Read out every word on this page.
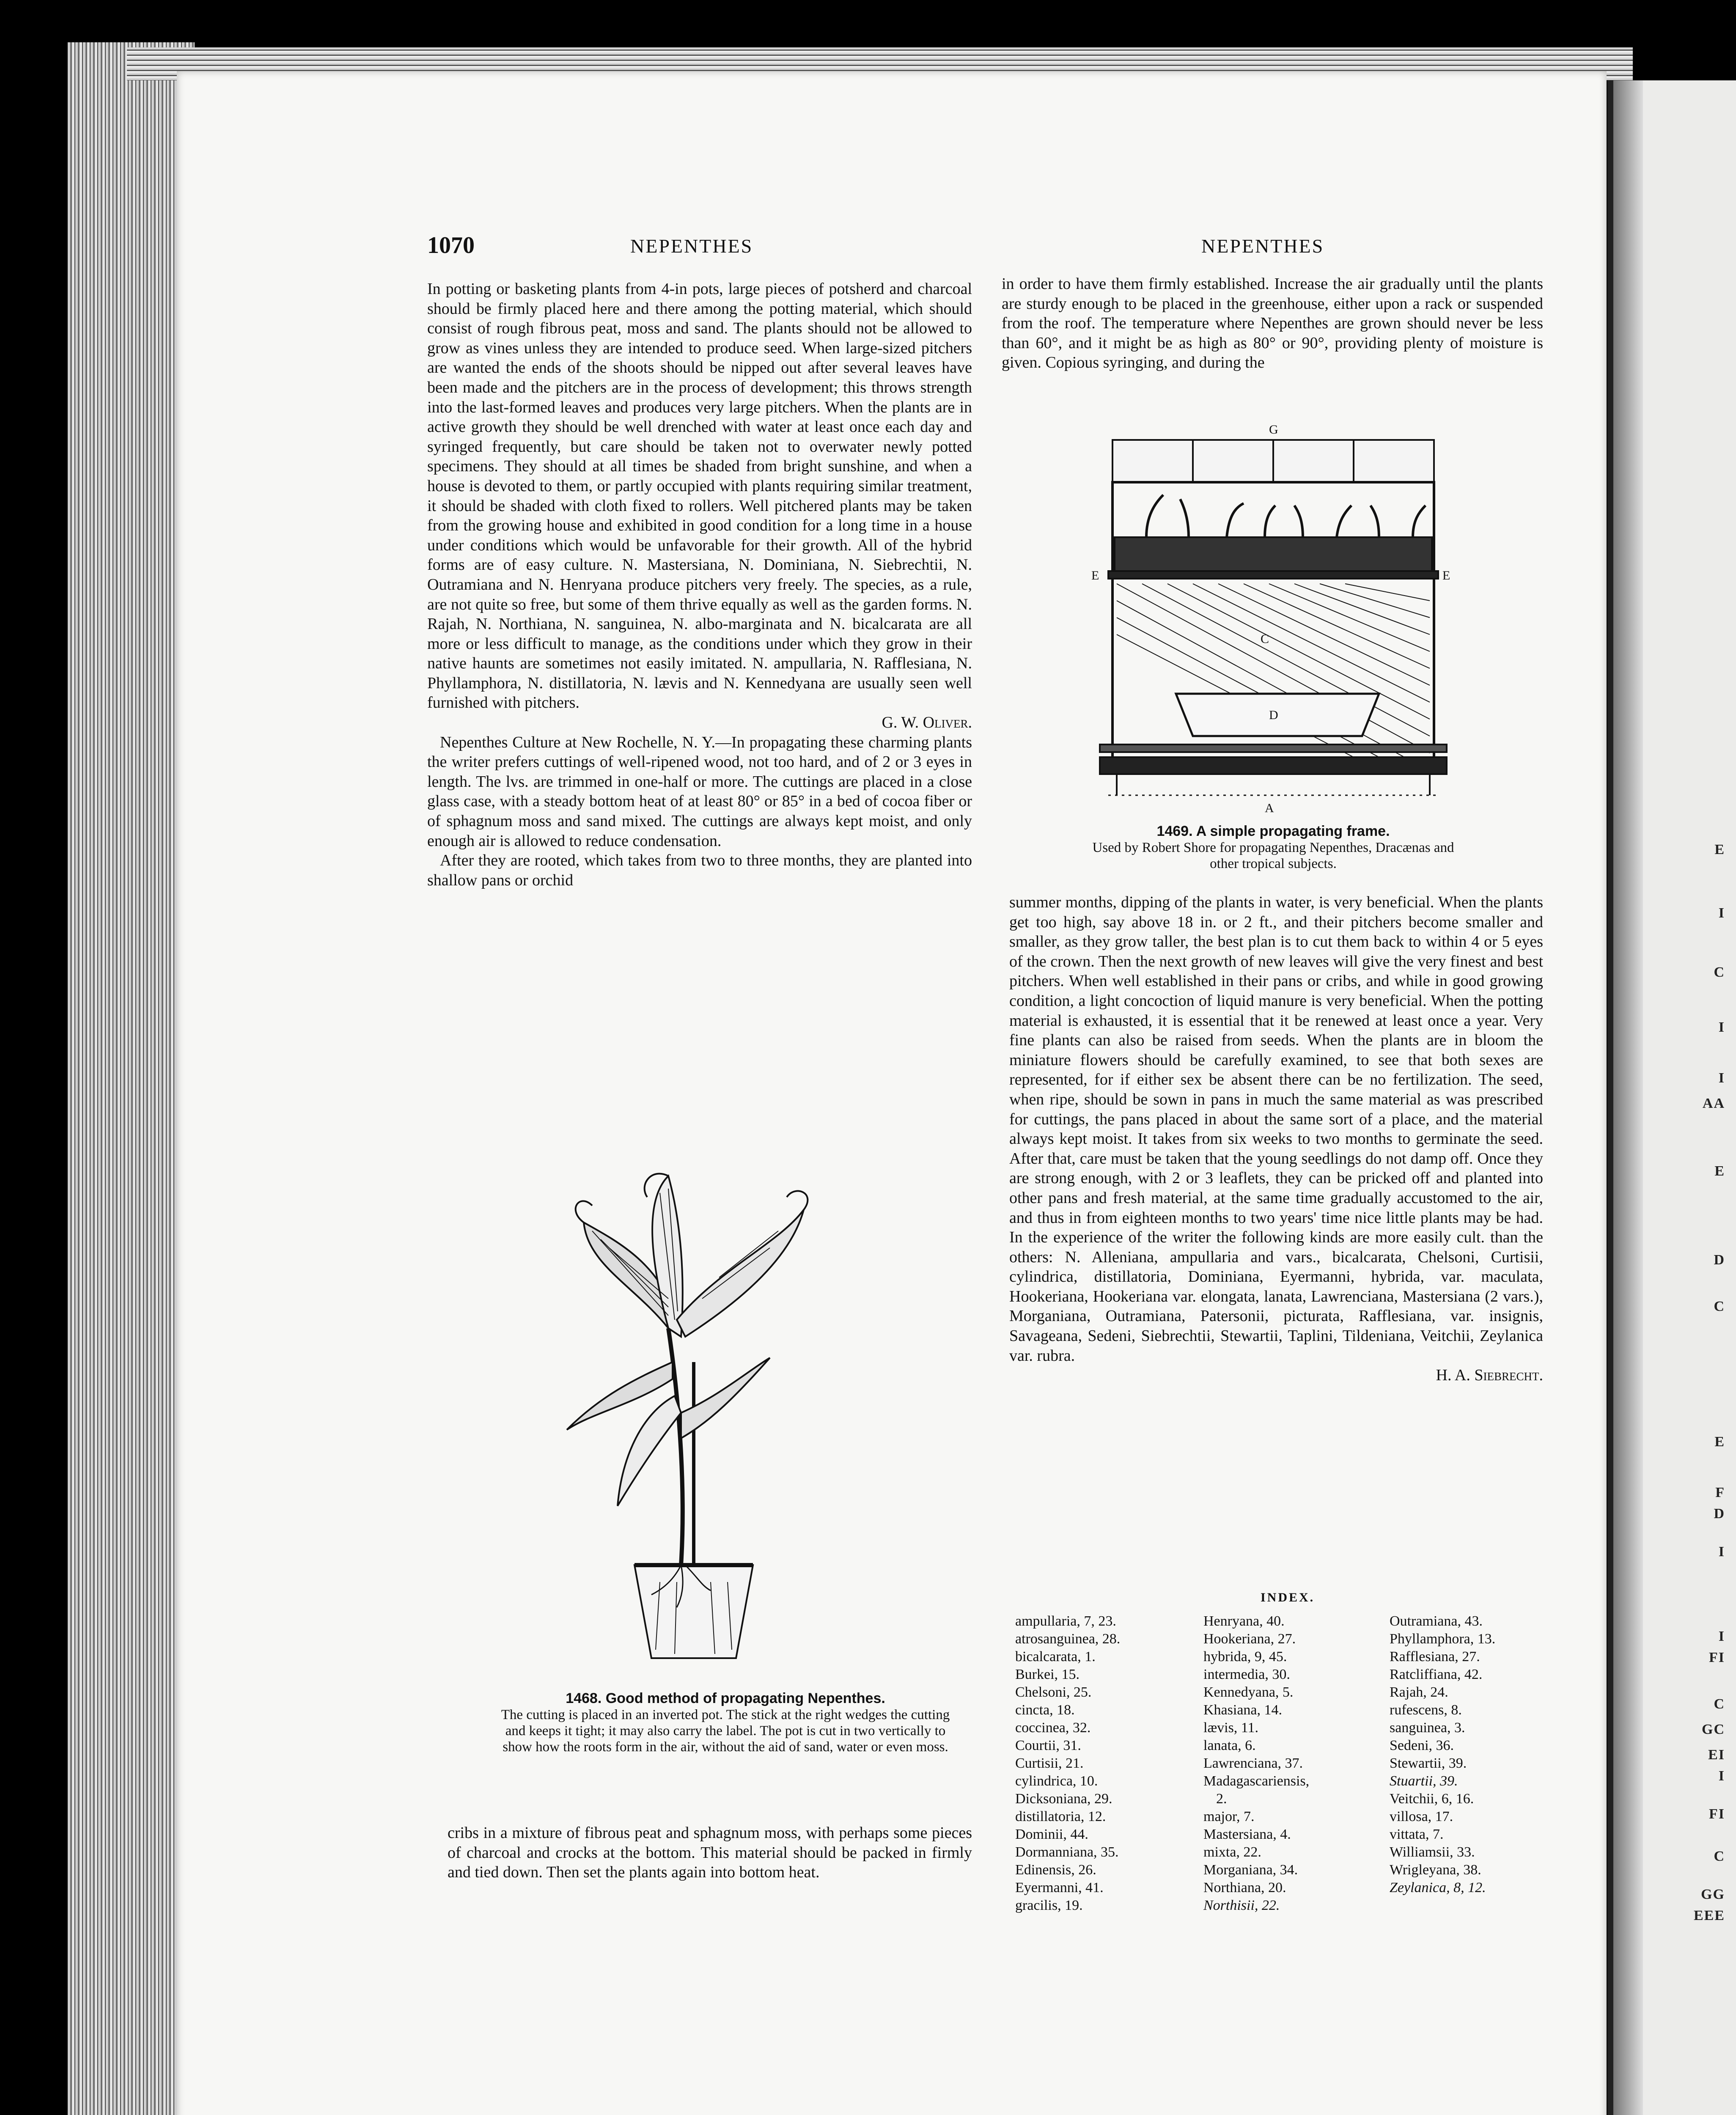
E
I
C
I
I
AA
E
D
C
E
F
D
I
I
FI
C
GC
EI
I
FI
C
GG
EEE
1070	NEPENTHES	NEPENTHES

In potting or basketing plants from 4-in pots, large pieces of potsherd and charcoal should be firmly placed here and there among the potting material, which should consist of rough fibrous peat, moss and sand. The plants should not be allowed to grow as vines unless they are intended to produce seed. When large-sized pitchers are wanted the ends of the shoots should be nipped out after several leaves have been made and the pitchers are in the process of development; this throws strength into the last-formed leaves and produces very large pitchers. When the plants are in active growth they should be well drenched with water at least once each day and syringed frequently, but care should be taken not to overwater newly potted specimens. They should at all times be shaded from bright sunshine, and when a house is devoted to them, or partly occupied with plants requiring similar treatment, it should be shaded with cloth fixed to rollers. Well pitchered plants may be taken from the growing house and exhibited in good condition for a long time in a house under conditions which would be unfavorable for their growth. All of the hybrid forms are of easy culture. N. Mastersiana, N. Dominiana, N. Siebrechtii, N. Outramiana and N. Henryana produce pitchers very freely. The species, as a rule, are not quite so free, but some of them thrive equally as well as the garden forms. N. Rajah, N. Northiana, N. sanguinea, N. albo-marginata and N. bicalcarata are all more or less difficult to manage, as the conditions under which they grow in their native haunts are sometimes not easily imitated. N. ampullaria, N. Rafflesiana, N. Phyllamphora, N. distillatoria, N. lævis and N. Kennedyana are usually seen well furnished with pitchers.

G. W. Oliver.

Nepenthes Culture at New Rochelle, N. Y.—In propagating these charming plants the writer prefers cuttings of well-ripened wood, not too hard, and of 2 or 3 eyes in length. The lvs. are trimmed in one-half or more. The cuttings are placed in a close glass case, with a steady bottom heat of at least 80° or 85° in a bed of cocoa fiber or of sphagnum moss and sand mixed. The cuttings are always kept moist, and only enough air is allowed to reduce condensation.

After they are rooted, which takes from two to three months, they are planted into shallow pans or orchid

1468. Good method of propagating Nepenthes.
The cutting is placed in an inverted pot. The stick at the right wedges the cutting and keeps it tight; it may also carry the label. The pot is cut in two vertically to show how the roots form in the air, without the aid of sand, water or even moss.

cribs in a mixture of fibrous peat and sphagnum moss, with perhaps some pieces of charcoal and crocks at the bottom. This material should be packed in firmly and tied down. Then set the plants again into bottom heat.

in order to have them firmly established. Increase the air gradually until the plants are sturdy enough to be placed in the greenhouse, either upon a rack or suspended from the roof. The temperature where Nepenthes are grown should never be less than 60°, and it might be as high as 80° or 90°, providing plenty of moisture is given. Copious syringing, and during the

G
E	E
C
D
A
1469. A simple propagating frame.
Used by Robert Shore for propagating Nepenthes, Dracænas and other tropical subjects.

summer months, dipping of the plants in water, is very beneficial. When the plants get too high, say above 18 in. or 2 ft., and their pitchers become smaller and smaller, as they grow taller, the best plan is to cut them back to within 4 or 5 eyes of the crown. Then the next growth of new leaves will give the very finest and best pitchers. When well established in their pans or cribs, and while in good growing condition, a light concoction of liquid manure is very beneficial. When the potting material is exhausted, it is essential that it be renewed at least once a year. Very fine plants can also be raised from seeds. When the plants are in bloom the miniature flowers should be carefully examined, to see that both sexes are represented, for if either sex be absent there can be no fertilization. The seed, when ripe, should be sown in pans in much the same material as was prescribed for cuttings, the pans placed in about the same sort of a place, and the material always kept moist. It takes from six weeks to two months to germinate the seed. After that, care must be taken that the young seedlings do not damp off. Once they are strong enough, with 2 or 3 leaflets, they can be pricked off and planted into other pans and fresh material, at the same time gradually accustomed to the air, and thus in from eighteen months to two years' time nice little plants may be had. In the experience of the writer the following kinds are more easily cult. than the others: N. Alleniana, ampullaria and vars., bicalcarata, Chelsoni, Curtisii, cylindrica, distillatoria, Dominiana, Eyermanni, hybrida, var. maculata, Hookeriana, Hookeriana var. elongata, lanata, Lawrenciana, Mastersiana (2 vars.), Morganiana, Outramiana, Patersonii, picturata, Rafflesiana, var. insignis, Savageana, Sedeni, Siebrechtii, Stewartii, Taplini, Tildeniana, Veitchii, Zeylanica var. rubra.

H. A. Siebrecht.

INDEX.
ampullaria, 7, 23.
atrosanguinea, 28.
bicalcarata, 1.
Burkei, 15.
Chelsoni, 25.
cincta, 18.
coccinea, 32.
Courtii, 31.
Curtisii, 21.
cylindrica, 10.
Dicksoniana, 29.
distillatoria, 12.
Dominii, 44.
Dormanniana, 35.
Edinensis, 26.
Eyermanni, 41.
gracilis, 19.
Henryana, 40.
Hookeriana, 27.
hybrida, 9, 45.
intermedia, 30.
Kennedyana, 5.
Khasiana, 14.
lævis, 11.
lanata, 6.
Lawrenciana, 37.
Madagascariensis,
2.
major, 7.
Mastersiana, 4.
mixta, 22.
Morganiana, 34.
Northiana, 20.
Northisii, 22.
Outramiana, 43.
Phyllamphora, 13.
Rafflesiana, 27.
Ratcliffiana, 42.
Rajah, 24.
rufescens, 8.
sanguinea, 3.
Sedeni, 36.
Stewartii, 39.
Stuartii, 39.
Veitchii, 6, 16.
villosa, 17.
vittata, 7.
Williamsii, 33.
Wrigleyana, 38.
Zeylanica, 8, 12.
